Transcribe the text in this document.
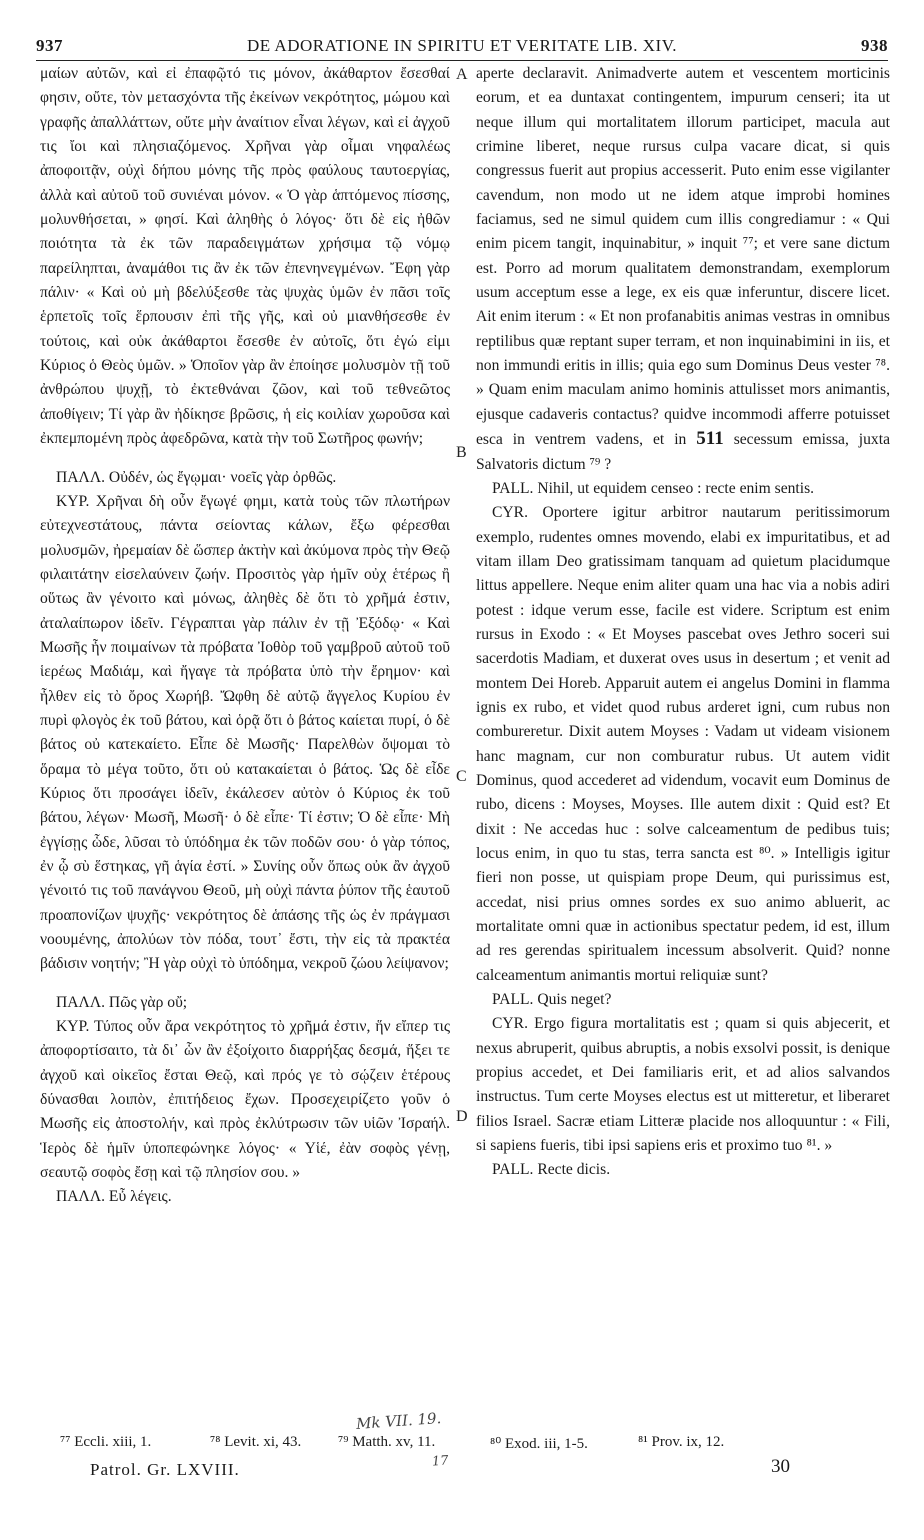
937	DE ADORATIONE IN SPIRITU ET VERITATE LIB. XIV.	938

μαίων αὐτῶν, καὶ εἰ ἐπαφῷτό τις μόνον, ἀκάθαρτον ἔσεσθαί φησιν, οὔτε, τὸν μετασχόντα τῆς ἐκείνων νεκρότητος, μώμου καὶ γραφῆς ἀπαλλάττων, οὔτε μὴν ἀναίτιον εἶναι λέγων, καὶ εἰ ἀγχοῦ τις ἴοι καὶ πλησιαζόμενος. Χρῆναι γὰρ οἶμαι νηφαλέως ἀποφοιτᾷν, οὐχὶ δήπου μόνης τῆς πρὸς φαύλους ταυτοεργίας, ἀλλὰ καὶ αὐτοῦ τοῦ συνιέναι μόνον. « Ὁ γὰρ ἁπτόμενος πίσσης, μολυνθήσεται, » φησί. Καὶ ἀληθὴς ὁ λόγος· ὅτι δὲ εἰς ἠθῶν ποιότητα τὰ ἐκ τῶν παραδειγμάτων χρήσιμα τῷ νόμῳ παρείληπται, ἀναμάθοι τις ἂν ἐκ τῶν ἐπενηνεγμένων. Ἔφη γὰρ πάλιν· « Καὶ οὐ μὴ βδελύξεσθε τὰς ψυχὰς ὑμῶν ἐν πᾶσι τοῖς ἑρπετοῖς τοῖς ἕρπουσιν ἐπὶ τῆς γῆς, καὶ οὐ μιανθήσεσθε ἐν τούτοις, καὶ οὐκ ἀκάθαρτοι ἔσεσθε ἐν αὐτοῖς, ὅτι ἐγώ εἰμι Κύριος ὁ Θεὸς ὑμῶν. » Ὁποῖον γὰρ ἂν ἐποίησε μολυσμὸν τῇ τοῦ ἀνθρώπου ψυχῇ, τὸ ἐκτεθνάναι ζῶον, καὶ τοῦ τεθνεῶτος ἀποθίγειν; Τί γὰρ ἂν ἠδίκησε βρῶσις, ἡ εἰς κοιλίαν χωροῦσα καὶ ἐκπεμπομένη πρὸς ἀφεδρῶνα, κατὰ τὴν τοῦ Σωτῆρος φωνήν;

ΠΑΛΛ. Οὐδέν, ὡς ἔγῳμαι· νοεῖς γὰρ ὀρθῶς.

ΚΥΡ. Χρῆναι δὴ οὖν ἔγωγέ φημι, κατὰ τοὺς τῶν πλωτήρων εὐτεχνεστάτους, πάντα σείοντας κάλων, ἔξω φέρεσθαι μολυσμῶν, ἠρεμαίαν δὲ ὥσπερ ἀκτὴν καὶ ἀκύμονα πρὸς τὴν Θεῷ φιλαιτάτην εἰσελαύνειν ζωήν. Προσιτὸς γὰρ ἡμῖν οὐχ ἑτέρως ἢ οὕτως ἂν γένοιτο καὶ μόνως, ἀληθὲς δὲ ὅτι τὸ χρῆμά ἐστιν, ἀταλαίπωρον ἰδεῖν. Γέγραπται γὰρ πάλιν ἐν τῇ Ἐξόδῳ· « Καὶ Μωσῆς ἦν ποιμαίνων τὰ πρόβατα Ἰοθὸρ τοῦ γαμβροῦ αὐτοῦ τοῦ ἱερέως Μαδιάμ, καὶ ἤγαγε τὰ πρόβατα ὑπὸ τὴν ἔρημον· καὶ ἦλθεν εἰς τὸ ὄρος Χωρήβ. Ὤφθη δὲ αὐτῷ ἄγγελος Κυρίου ἐν πυρὶ φλογὸς ἐκ τοῦ βάτου, καὶ ὁρᾷ ὅτι ὁ βάτος καίεται πυρί, ὁ δὲ βάτος οὐ κατεκαίετο. Εἶπε δὲ Μωσῆς· Παρελθὼν ὄψομαι τὸ ὅραμα τὸ μέγα τοῦτο, ὅτι οὐ κατακαίεται ὁ βάτος. Ὡς δὲ εἶδε Κύριος ὅτι προσάγει ἰδεῖν, ἐκάλεσεν αὐτὸν ὁ Κύριος ἐκ τοῦ βάτου, λέγων· Μωσῆ, Μωσῆ· ὁ δὲ εἶπε· Τί ἐστιν; Ὁ δὲ εἶπε· Μὴ ἐγγίσῃς ὧδε, λῦσαι τὸ ὑπόδημα ἐκ τῶν ποδῶν σου· ὁ γὰρ τόπος, ἐν ᾧ σὺ ἕστηκας, γῆ ἁγία ἐστί. » Συνίης οὖν ὅπως οὐκ ἂν ἀγχοῦ γένοιτό τις τοῦ πανάγνου Θεοῦ, μὴ οὐχὶ πάντα ῥύπον τῆς ἑαυτοῦ προαπονίζων ψυχῆς· νεκρότητος δὲ ἁπάσης τῆς ὡς ἐν πράγμασι νοουμένης, ἀπολύων τὸν πόδα, τουτ᾽ ἔστι, τὴν εἰς τὰ πρακτέα βάδισιν νοητήν; Ἢ γὰρ οὐχὶ τὸ ὑπόδημα, νεκροῦ ζώου λείψανον;

ΠΑΛΛ. Πῶς γὰρ οὔ;

ΚΥΡ. Τύπος οὖν ἄρα νεκρότητος τὸ χρῆμά ἐστιν, ἥν εἴπερ τις ἀποφορτίσαιτο, τὰ δι᾽ ὧν ἂν ἐξοίχοιτο διαρρήξας δεσμά, ἥξει τε ἀγχοῦ καὶ οἰκεῖος ἔσται Θεῷ, καὶ πρός γε τὸ σῴζειν ἑτέρους δύνασθαι λοιπὸν, ἐπιτήδειος ἔχων. Προσεχειρίζετο γοῦν ὁ Μωσῆς εἰς ἀποστολήν, καὶ πρὸς ἐκλύτρωσιν τῶν υἱῶν Ἰσραήλ. Ἱερὸς δὲ ἡμῖν ὑποπεφώνηκε λόγος· « Υἱέ, ἐὰν σοφὸς γένῃ, σεαυτῷ σοφὸς ἔσῃ καὶ τῷ πλησίον σου. »

ΠΑΛΛ. Εὖ λέγεις.

aperte declaravit. Animadverte autem et vescentem morticinis eorum, et ea duntaxat contingentem, impurum censeri; ita ut neque illum qui mortalitatem illorum participet, macula aut crimine liberet, neque rursus culpa vacare dicat, si quis congressus fuerit aut propius accesserit. Puto enim esse vigilanter cavendum, non modo ut ne idem atque improbi homines faciamus, sed ne simul quidem cum illis congrediamur : « Qui enim picem tangit, inquinabitur, » inquit ⁷⁷; et vere sane dictum est. Porro ad morum qualitatem demonstrandam, exemplorum usum acceptum esse a lege, ex eis quæ inferuntur, discere licet. Ait enim iterum : « Et non profanabitis animas vestras in omnibus reptilibus quæ reptant super terram, et non inquinabimini in iis, et non immundi eritis in illis; quia ego sum Dominus Deus vester ⁷⁸. » Quam enim maculam animo hominis attulisset mors animantis, ejusque cadaveris contactus? quidve incommodi afferre potuisset esca in ventrem vadens, et in 511 secessum emissa, juxta Salvatoris dictum ⁷⁹ ?

PALL. Nihil, ut equidem censeo : recte enim sentis.

CYR. Oportere igitur arbitror nautarum peritissimorum exemplo, rudentes omnes movendo, elabi ex impuritatibus, et ad vitam illam Deo gratissimam tanquam ad quietum placidumque littus appellere. Neque enim aliter quam una hac via a nobis adiri potest : idque verum esse, facile est videre. Scriptum est enim rursus in Exodo : « Et Moyses pascebat oves Jethro soceri sui sacerdotis Madiam, et duxerat oves usus in desertum ; et venit ad montem Dei Horeb. Apparuit autem ei angelus Domini in flamma ignis ex rubo, et videt quod rubus arderet igni, cum rubus non combureretur. Dixit autem Moyses : Vadam ut videam visionem hanc magnam, cur non comburatur rubus. Ut autem vidit Dominus, quod accederet ad videndum, vocavit eum Dominus de rubo, dicens : Moyses, Moyses. Ille autem dixit : Quid est? Et dixit : Ne accedas huc : solve calceamentum de pedibus tuis; locus enim, in quo tu stas, terra sancta est ⁸⁰. » Intelligis igitur fieri non posse, ut quispiam prope Deum, qui purissimus est, accedat, nisi prius omnes sordes ex suo animo abluerit, ac mortalitate omni quæ in actionibus spectatur pedem, id est, illum ad res gerendas spiritualem incessum absolverit. Quid? nonne calceamentum animantis mortui reliquiæ sunt?

PALL. Quis neget?

CYR. Ergo figura mortalitatis est ; quam si quis abjecerit, et nexus abruperit, quibus abruptis, a nobis exsolvi possit, is denique propius accedet, et Dei familiaris erit, et ad alios salvandos instructus. Tum certe Moyses electus est ut mitteretur, et liberaret filios Israel. Sacræ etiam Litteræ placide nos alloquuntur : « Fili, si sapiens fueris, tibi ipsi sapiens eris et proximo tuo ⁸¹. »

PALL. Recte dicis.

A
B
C
D
Mk VII. 19.
17
⁷⁷ Eccli. xiii, 1.	⁷⁸ Levit. xi, 43. ⁷⁹ Matth. xv, 11.	⁸⁰ Exod. iii, 1-5.	⁸¹ Prov. ix, 12.
Patrol. Gr. LXVIII.	30
